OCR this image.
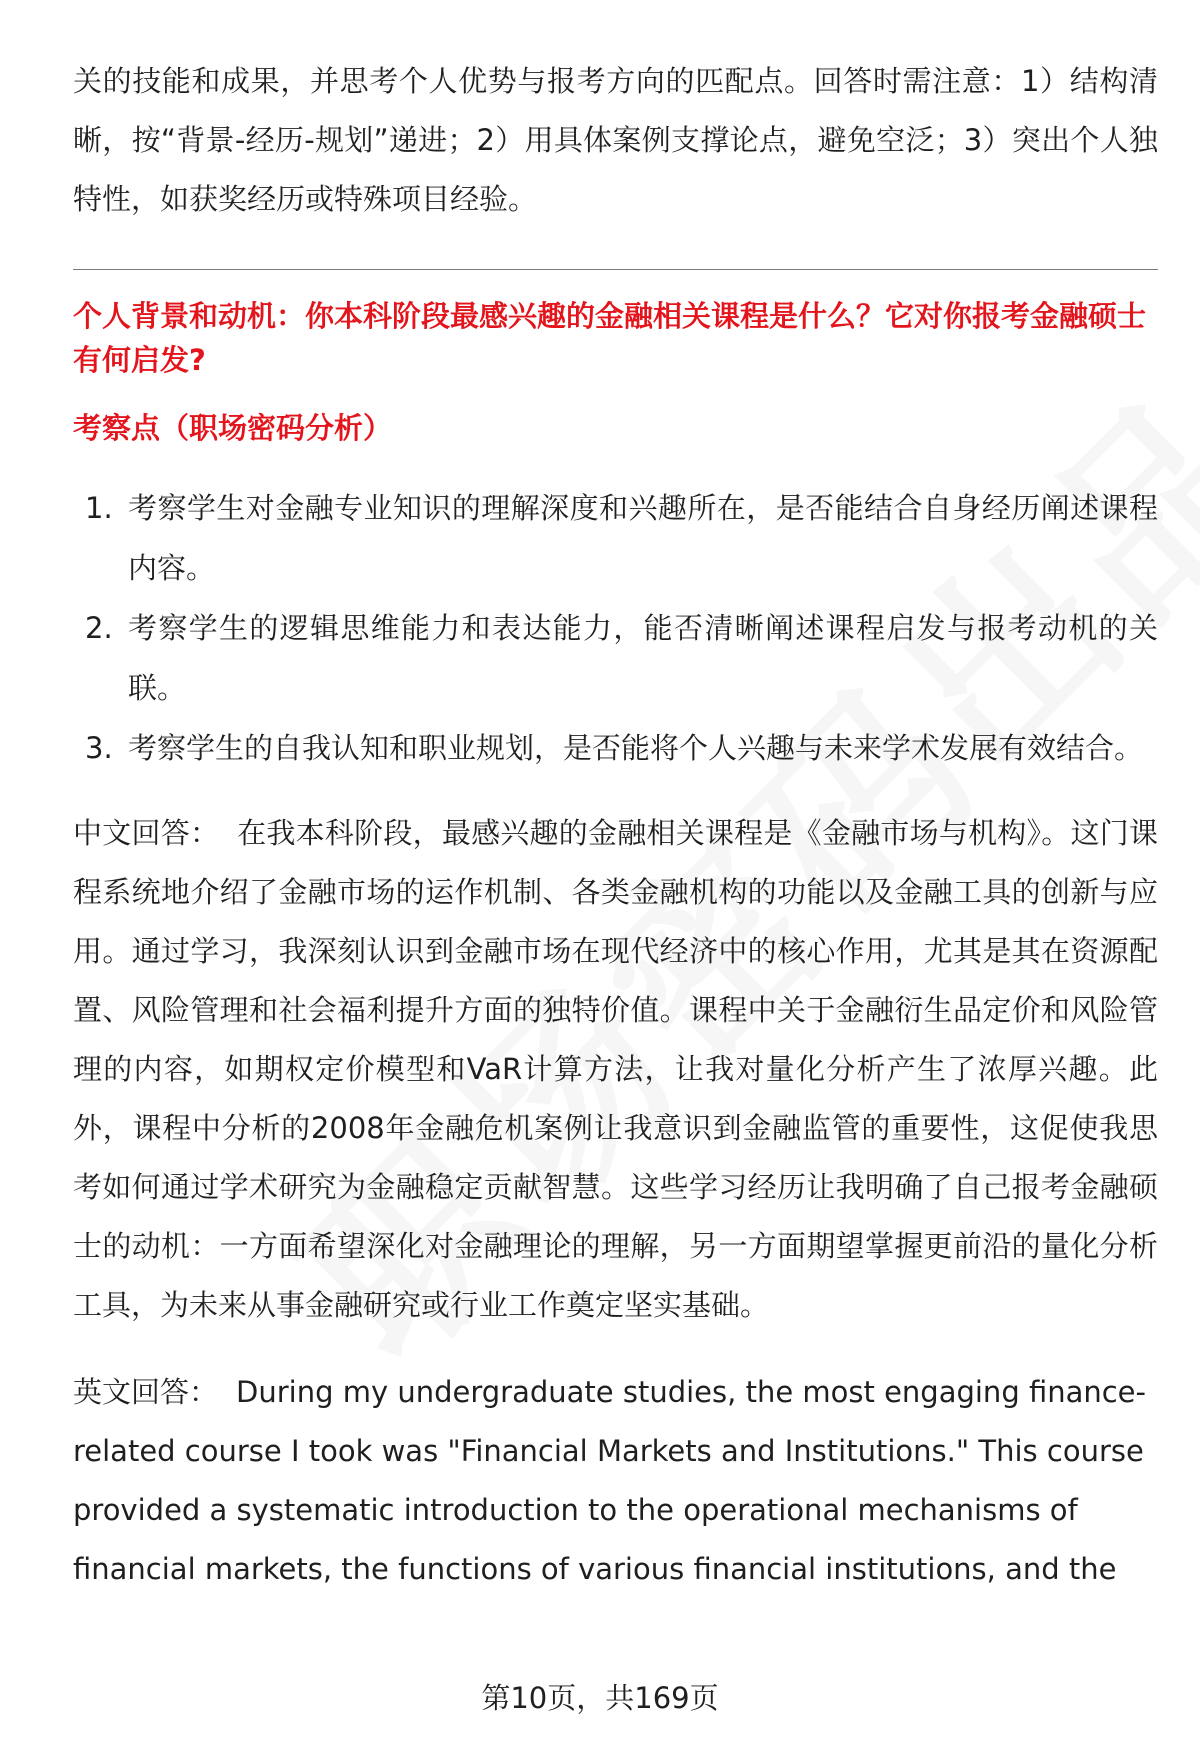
关的技能和成果，并思考个人优势与报考方向的匹配点。回答时需注意：1）结构清晰，按“背景-经历-规划”递进；2）用具体案例支撑论点，避免空泛；3）突出个人独特性，如获奖经历或特殊项目经验。

个人背景和动机：你本科阶段最感兴趣的金融相关课程是什么？它对你报考金融硕士有何启发?
考察点（职场密码分析）
1. 考察学生对金融专业知识的理解深度和兴趣所在，是否能结合自身经历阐述课程内容。
2. 考察学生的逻辑思维能力和表达能力，能否清晰阐述课程启发与报考动机的关联。
3. 考察学生的自我认知和职业规划，是否能将个人兴趣与未来学术发展有效结合。

中文回答： 在我本科阶段，最感兴趣的金融相关课程是《金融市场与机构》。这门课程系统地介绍了金融市场的运作机制、各类金融机构的功能以及金融工具的创新与应用。通过学习，我深刻认识到金融市场在现代经济中的核心作用，尤其是其在资源配置、风险管理和社会福利提升方面的独特价值。课程中关于金融衍生品定价和风险管理的内容，如期权定价模型和VaR计算方法，让我对量化分析产生了浓厚兴趣。此外，课程中分析的2008年金融危机案例让我意识到金融监管的重要性，这促使我思考如何通过学术研究为金融稳定贡献智慧。这些学习经历让我明确了自己报考金融硕士的动机：一方面希望深化对金融理论的理解，另一方面期望掌握更前沿的量化分析工具，为未来从事金融研究或行业工作奠定坚实基础。

英文回答： During my undergraduate studies, the most engaging finance-related course I took was "Financial Markets and Institutions." This course provided a systematic introduction to the operational mechanisms of financial markets, the functions of various financial institutions, and the

第10页，共169页
